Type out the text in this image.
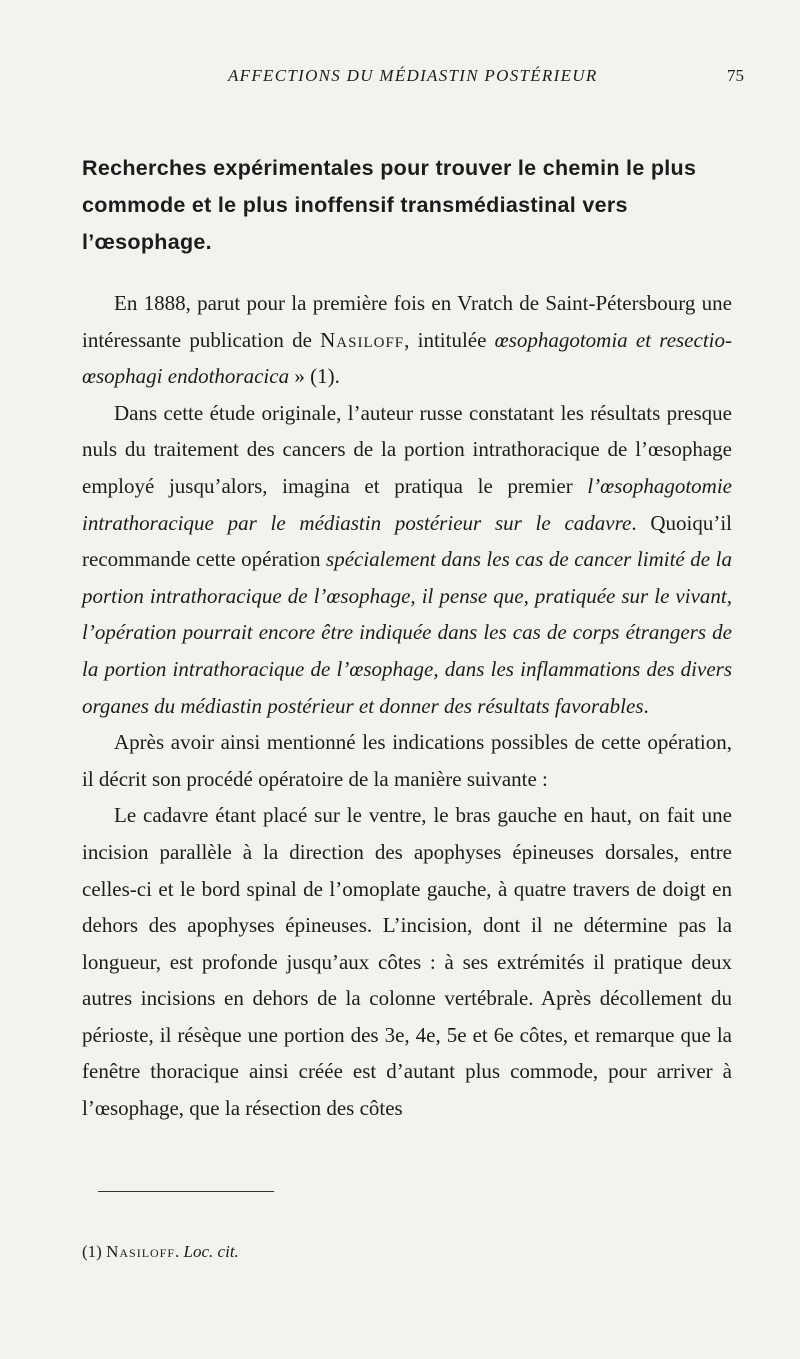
AFFECTIONS DU MÉDIASTIN POSTÉRIEUR	75
Recherches expérimentales pour trouver le chemin le plus commode et le plus inoffensif transmédiastinal vers l’œsophage.

En 1888, parut pour la première fois en Vratch de Saint-Pétersbourg une intéressante publication de Nasiloff, intitulée œsophagotomia et resectio-œsophagi endothoracica » (1).

Dans cette étude originale, l’auteur russe constatant les résultats presque nuls du traitement des cancers de la portion intrathoracique de l’œsophage employé jusqu’alors, imagina et pratiqua le premier l’œsophagotomie intrathoracique par le médiastin postérieur sur le cadavre. Quoiqu’il recommande cette opération spécialement dans les cas de cancer limité de la portion intrathoracique de l’œsophage, il pense que, pratiquée sur le vivant, l’opération pourrait encore être indiquée dans les cas de corps étrangers de la portion intrathoracique de l’œsophage, dans les inflammations des divers organes du médiastin postérieur et donner des résultats favorables.

Après avoir ainsi mentionné les indications possibles de cette opération, il décrit son procédé opératoire de la manière suivante :

Le cadavre étant placé sur le ventre, le bras gauche en haut, on fait une incision parallèle à la direction des apophyses épineuses dorsales, entre celles-ci et le bord spinal de l’omoplate gauche, à quatre travers de doigt en dehors des apophyses épineuses. L’incision, dont il ne détermine pas la longueur, est profonde jusqu’aux côtes : à ses extrémités il pratique deux autres incisions en dehors de la colonne vertébrale. Après décollement du périoste, il résèque une portion des 3e, 4e, 5e et 6e côtes, et remarque que la fenêtre thoracique ainsi créée est d’autant plus commode, pour arriver à l’œsophage, que la résection des côtes

(1) Nasiloff. Loc. cit.
